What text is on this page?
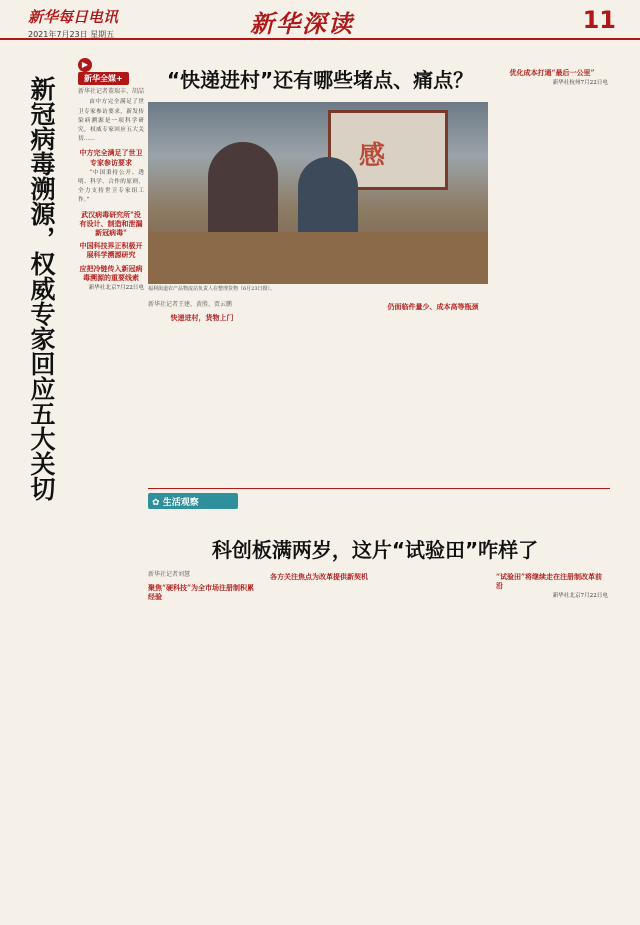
新华每日电讯
2021年7月23日 星期五	新华深读	11
新冠病毒溯源，权威专家回应五大关切
▶新华全媒+
新华社记者董瑞丰、胡喆

由中方完全满足了世卫专家参访要求，新发传染病溯源是一项科学研究，权威专家回应五大关切……

中方完全满足了世卫专家参访要求

“中国秉持公开、透明、科学、合作的原则，全力支持世卫专家组工作。”

武汉病毒研究所"没有设计、制造和泄漏新冠病毒"
中国科技界正积极开展科学溯源研究
应把冷链传入新冠病毒溯源的重要线索
新华社北京7月22日电
“快递进村”还有哪些堵点、痛点？
感
福利街道农产品物流站负责人在整理货物（6月23日摄）。
新华社记者王建、黄胜、贾云鹏
快递进村，货物上门
仍面临件量少、成本高等瓶颈
优化成本打通“最后一公里”
新华社杭州7月22日电
✿ 生活观察
科创板满两岁，这片“试验田”咋样了
新华社记者刘慧
聚焦“硬科技”为全市场注册制积累经验
各方关注焦点为改革提供新契机	“试验田”将继续走在注册制改革前沿
新华社北京7月22日电
